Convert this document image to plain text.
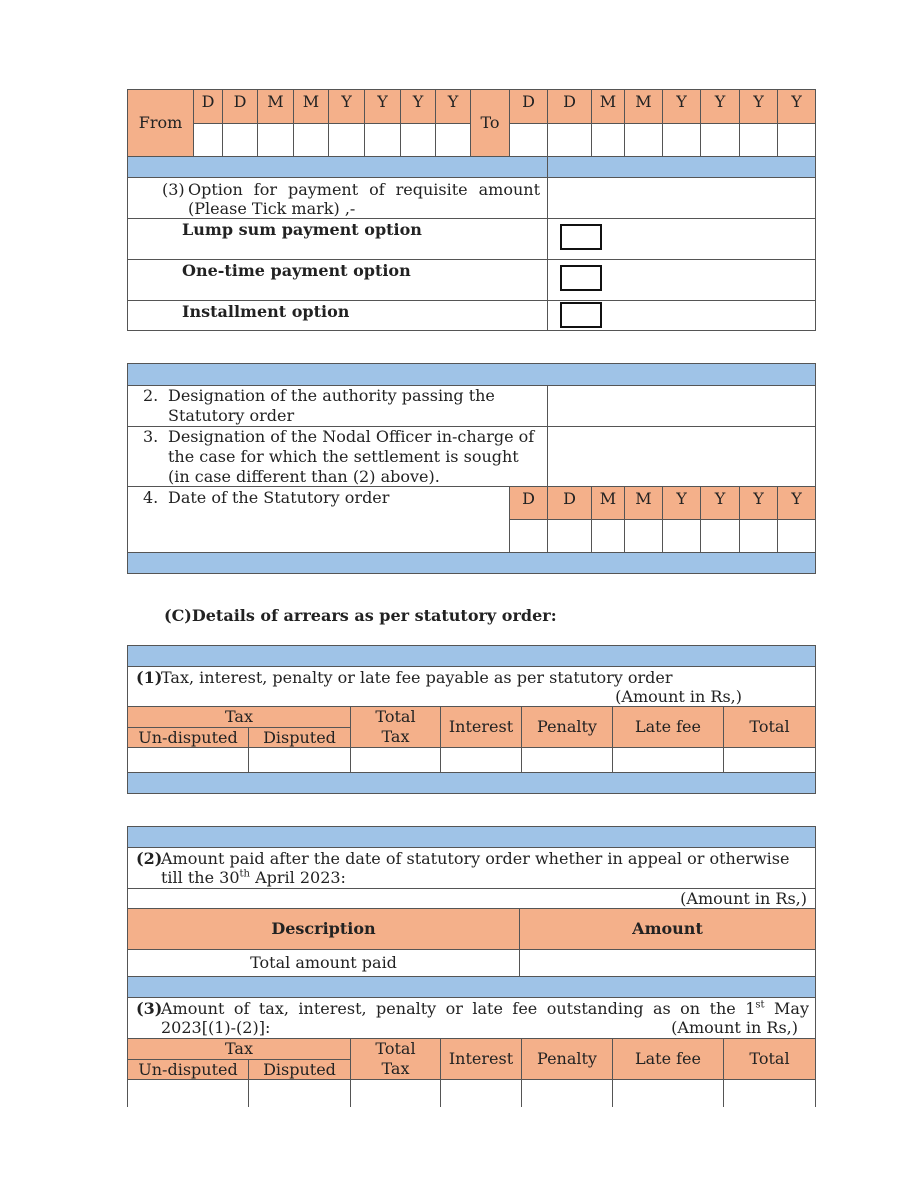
From
D	D	M	M	Y	Y	Y	Y
To
D	D	M	M	Y	Y	Y	Y
(3) Option for payment of requisite amount
(Please Tick mark) ,-
Lump sum payment option
One-time payment option
Installment option
2. Designation of the authority passing the
Statutory order
3. Designation of the Nodal Officer in-charge of
the case for which the settlement is sought
(in case different than (2) above).
4. Date of the Statutory order	D	D	M	M	Y	Y	Y	Y
(C)Details of arrears as per statutory order:
(1)
Tax, interest, penalty or late fee payable as per statutory order
(Amount in Rs,)
Tax
Un-disputed	Disputed
Total
Tax
Interest	Penalty	Late fee	Total
(2)
Amount paid after the date of statutory order whether in appeal or otherwise
till the 30th April 2023:
(Amount in Rs,)
Description	Amount
Total amount paid
(3)
Amount of tax, interest, penalty or late fee outstanding as on the 1st May
2023[(1)-(2)]:	(Amount in Rs,)
Tax
Un-disputed	Disputed
Total
Tax
Interest	Penalty	Late fee	Total
